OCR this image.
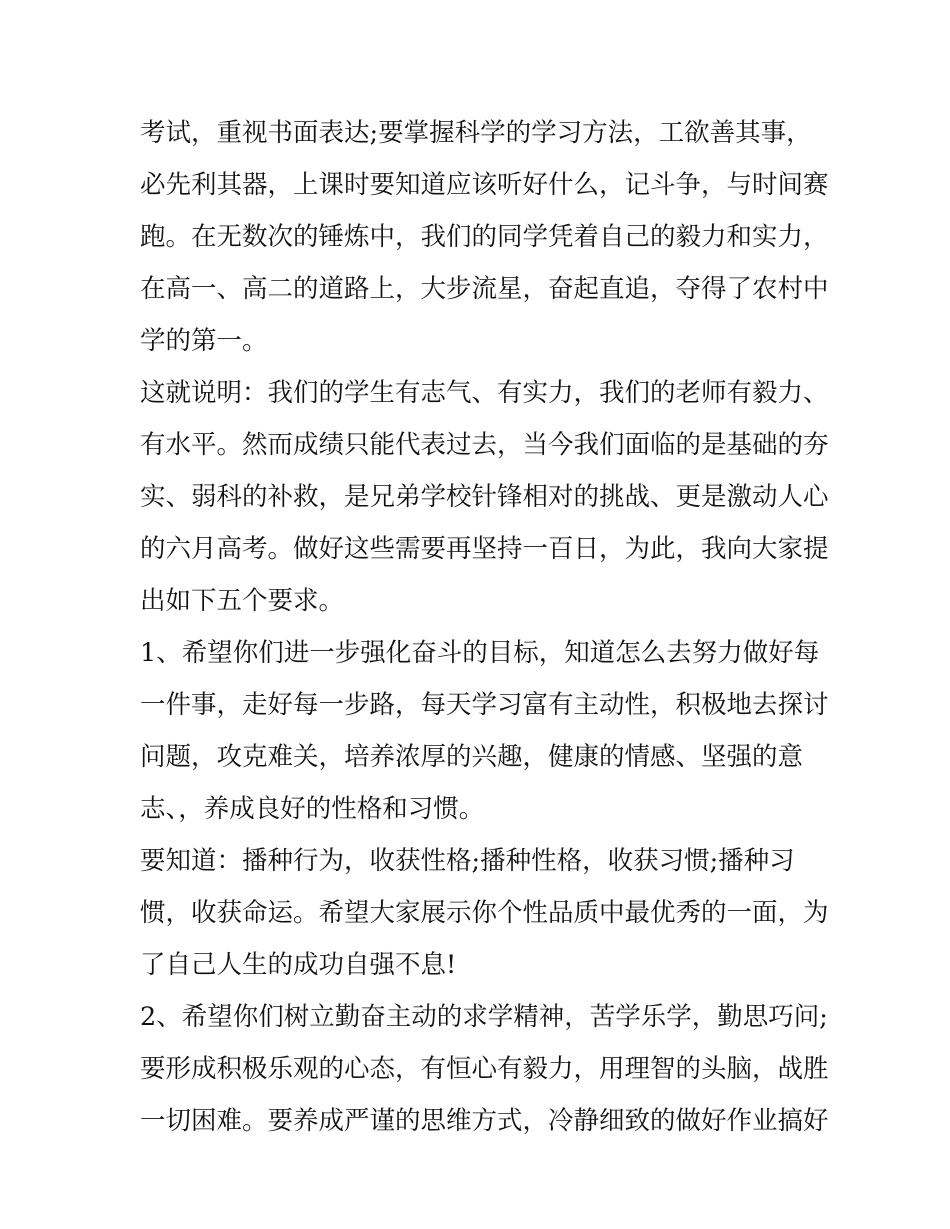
考试，重视书面表达;要掌握科学的学习方法，工欲善其事，
必先利其器，上课时要知道应该听好什么，记斗争，与时间赛
跑。在无数次的锤炼中，我们的同学凭着自己的毅力和实力，
在高一、高二的道路上，大步流星，奋起直追，夺得了农村中
学的第一。
这就说明：我们的学生有志气、有实力，我们的老师有毅力、
有水平。然而成绩只能代表过去，当今我们面临的是基础的夯
实、弱科的补救，是兄弟学校针锋相对的挑战、更是激动人心
的六月高考。做好这些需要再坚持一百日，为此，我向大家提
出如下五个要求。
1、希望你们进一步强化奋斗的目标，知道怎么去努力做好每
一件事，走好每一步路，每天学习富有主动性，积极地去探讨
问题，攻克难关，培养浓厚的兴趣，健康的情感、坚强的意
志、，养成良好的性格和习惯。
要知道：播种行为，收获性格;播种性格，收获习惯;播种习
惯，收获命运。希望大家展示你个性品质中最优秀的一面，为
了自己人生的成功自强不息!
2、希望你们树立勤奋主动的求学精神，苦学乐学，勤思巧问;
要形成积极乐观的心态，有恒心有毅力，用理智的头脑，战胜
一切困难。要养成严谨的思维方式，冷静细致的做好作业搞好
